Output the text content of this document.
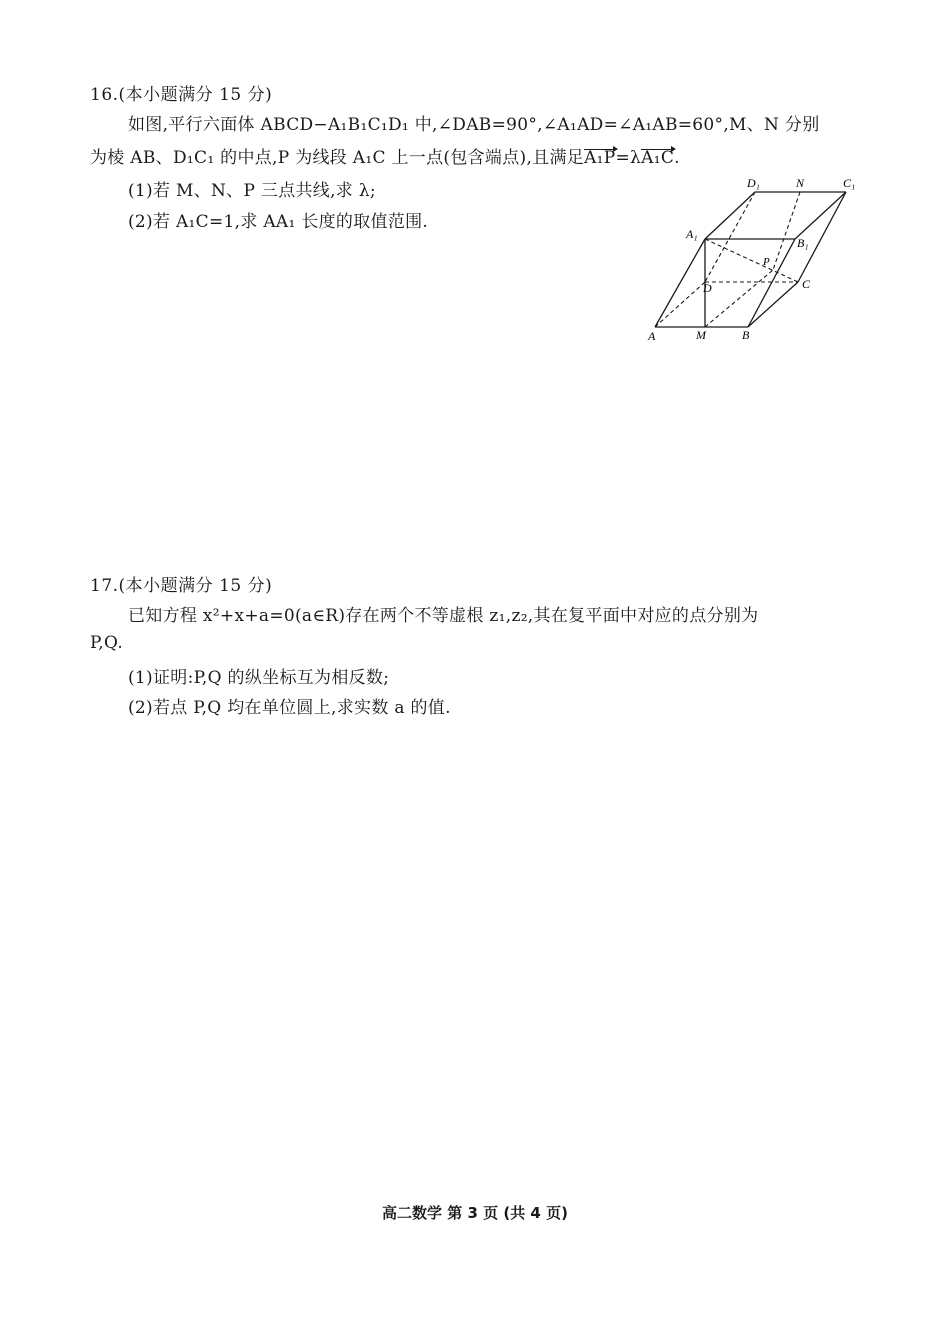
16.(本小题满分 15 分)
如图,平行六面体 ABCD−A₁B₁C₁D₁ 中,∠DAB=90°,∠A₁AD=∠A₁AB=60°,M、N 分别
为棱 AB、D₁C₁ 的中点,P 为线段 A₁C 上一点(包含端点),且满足A₁P=λA₁C.
(1)若 M、N、P 三点共线,求 λ;
(2)若 A₁C=1,求 AA₁ 长度的取值范围.
D₁	N	C₁
A₁
B₁
P
D	C
A	M	B
17.(本小题满分 15 分)
已知方程 x²+x+a=0(a∈R)存在两个不等虚根 z₁,z₂,其在复平面中对应的点分别为
P,Q.
(1)证明:P,Q 的纵坐标互为相反数;
(2)若点 P,Q 均在单位圆上,求实数 a 的值.
高二数学 第 3 页 (共 4 页)
